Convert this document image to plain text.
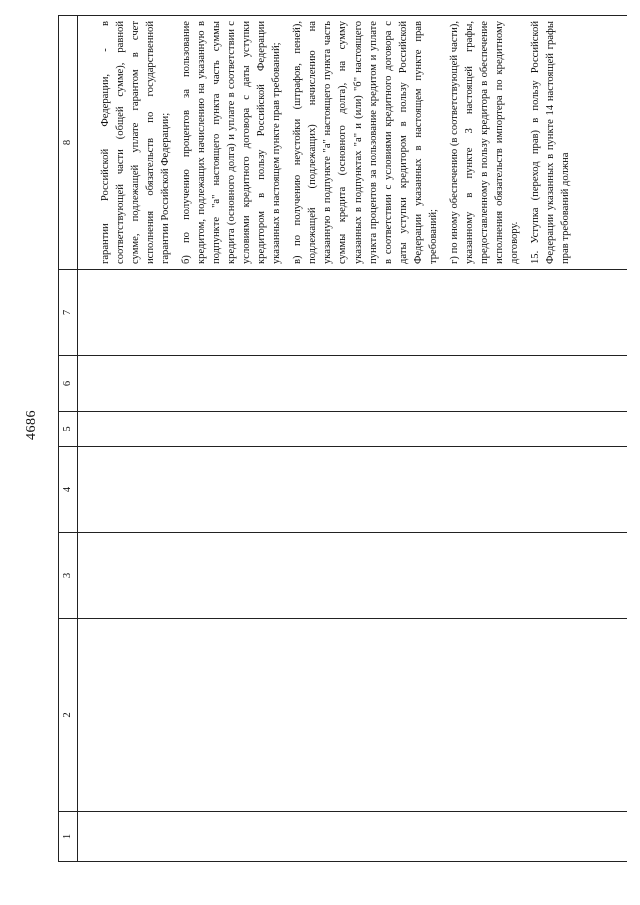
4686
1	2	3	4	5	6	7	8

							гарантии Российской Федерации, - в соответствующей части (общей сумме), равной сумме, подлежащей уплате гарантом в счет исполнения обязательств по государственной гарантии Российской Федерации; б) по получению процентов за пользование кредитом, подлежащих начислению на указанную в подпункте "а" настоящего пункта часть суммы кредита (основного долга) и уплате в соответствии с условиями кредитного договора с даты уступки кредитором в пользу Российской Федерации указанных в настоящем пункте прав требований; в) по получению неустойки (штрафов, пеней), подлежащей (подлежащих) начислению на указанную в подпункте "а" настоящего пункта часть суммы кредита (основного долга), на сумму указанных в подпунктах "а" и (или) "б" настоящего пункта процентов за пользование кредитом и уплате в соответствии с условиями кредитного договора с даты уступки кредитором в пользу Российской Федерации указанных в настоящем пункте прав требований; г) по иному обеспечению (в соответствующей части), указанному в пункте 3 настоящей графы, предоставленному в пользу кредитора в обеспечение исполнения обязательств импортера по кредитному договору. 15. Уступка (переход прав) в пользу Российской Федерации указанных в пункте 14 настоящей графы прав требований должна
